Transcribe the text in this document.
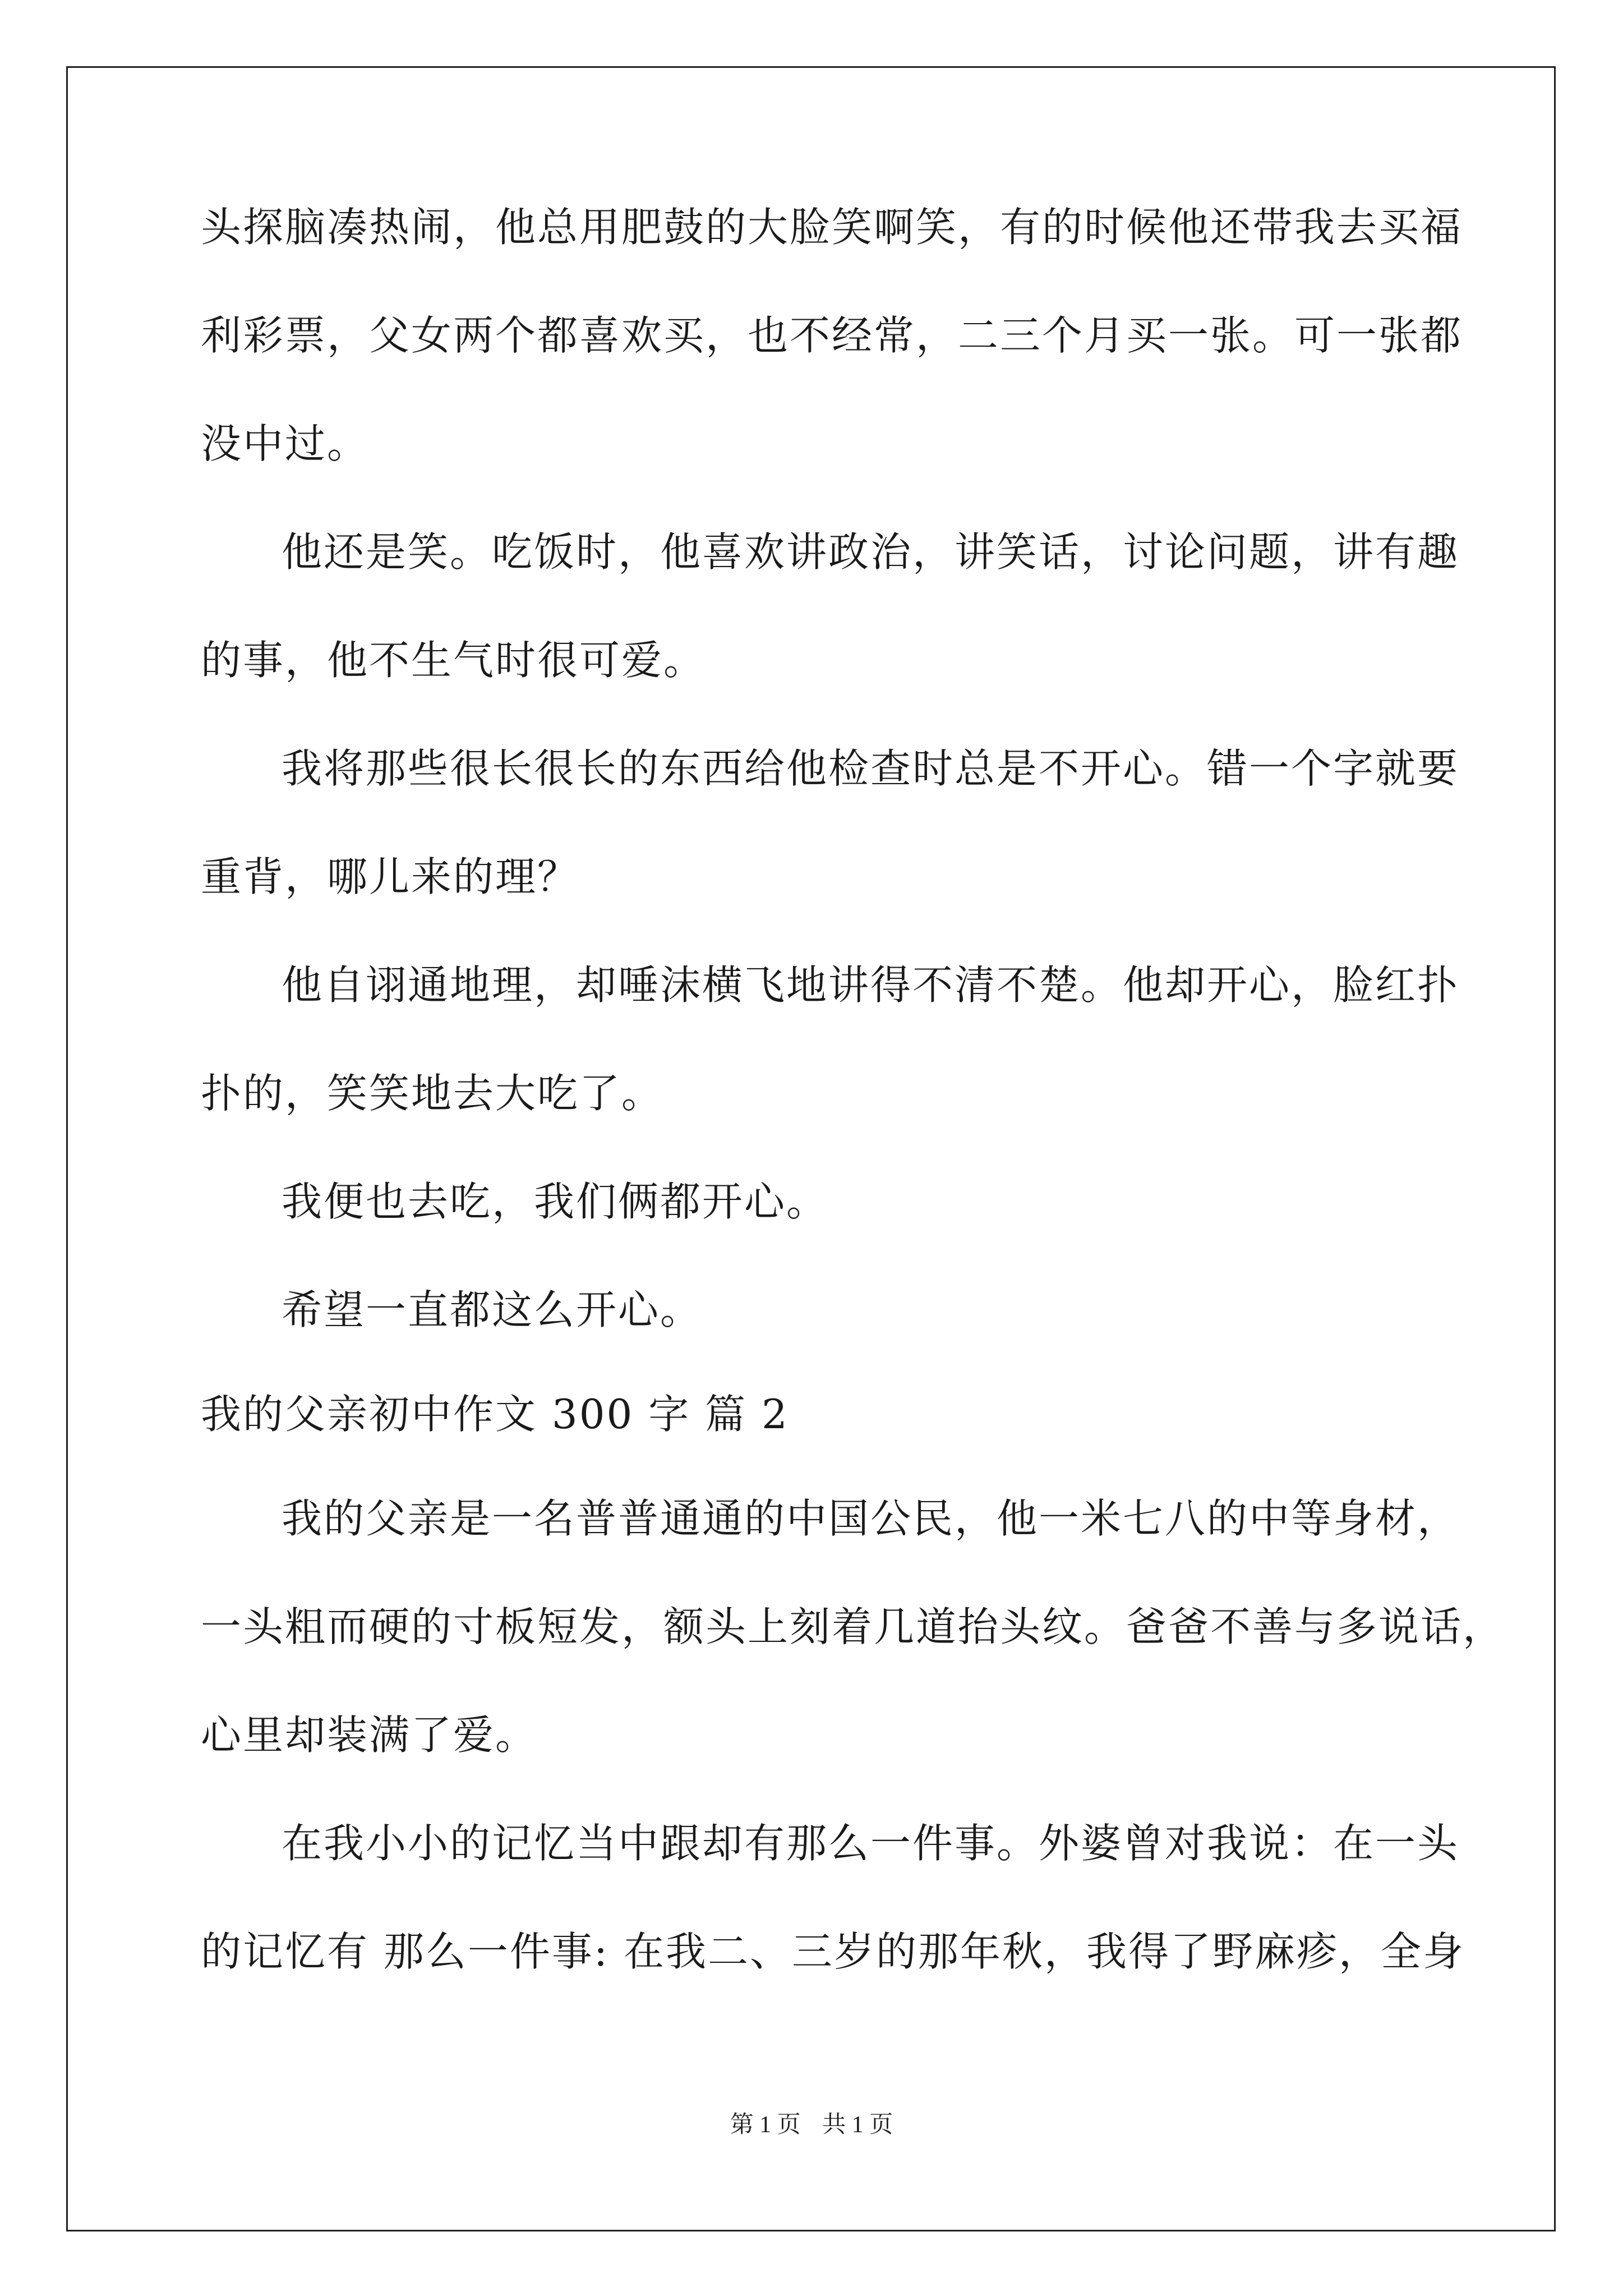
头探脑凑热闹，他总用肥鼓的大脸笑啊笑，有的时候他还带我去买福
利彩票，父女两个都喜欢买，也不经常，二三个月买一张。可一张都
没中过。
他还是笑。吃饭时，他喜欢讲政治，讲笑话，讨论问题，讲有趣
的事，他不生气时很可爱。
我将那些很长很长的东西给他检查时总是不开心。错一个字就要
重背，哪儿来的理？
他自诩通地理，却唾沫横飞地讲得不清不楚。他却开心，脸红扑
扑的，笑笑地去大吃了。
我便也去吃，我们俩都开心。
希望一直都这么开心。
我的父亲初中作文 300 字 篇 2
我的父亲是一名普普通通的中国公民，他一米七八的中等身材，
一头粗而硬的寸板短发，额头上刻着几道抬头纹。爸爸不善与多说话，
心里却装满了爱。
在我小小的记忆当中跟却有那么一件事。外婆曾对我说：在一头
的记忆有 那么一件事: 在我二、三岁的那年秋，我得了野麻疹，全身
第 1 页 共 1 页
